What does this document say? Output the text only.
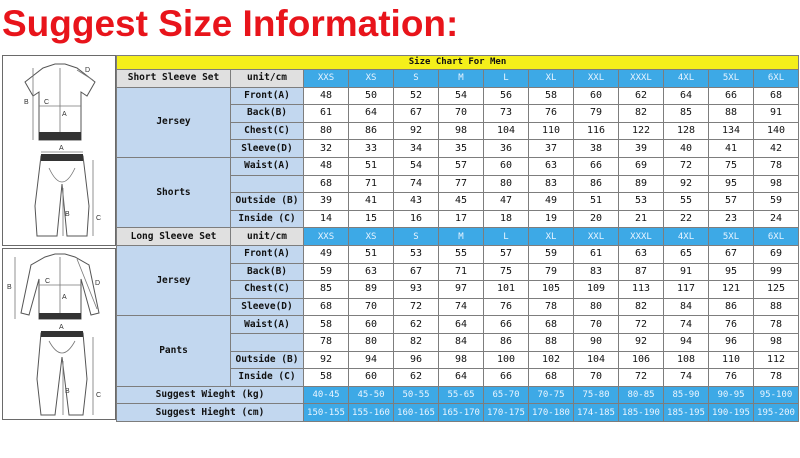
Suggest Size Information:
D
B C
A
A
B
C
D
B
C
A
A
B
C
Size Chart For Men												
Short Sleeve Set	unit/cm	XXS	XS	S	M	L	XL	XXL	XXXL	4XL	5XL	6XL
Jersey	Front(A)	48	50	52	54	56	58	60	62	64	66	68
	Back(B)	61	64	67	70	73	76	79	82	85	88	91
	Chest(C)	80	86	92	98	104	110	116	122	128	134	140
	Sleeve(D)	32	33	34	35	36	37	38	39	40	41	42
Shorts	Waist(A)	48	51	54	57	60	63	66	69	72	75	78
		68	71	74	77	80	83	86	89	92	95	98
	Outside (B)	39	41	43	45	47	49	51	53	55	57	59
	Inside (C)	14	15	16	17	18	19	20	21	22	23	24
Long Sleeve Set	unit/cm	XXS	XS	S	M	L	XL	XXL	XXXL	4XL	5XL	6XL
Jersey	Front(A)	49	51	53	55	57	59	61	63	65	67	69
	Back(B)	59	63	67	71	75	79	83	87	91	95	99
	Chest(C)	85	89	93	97	101	105	109	113	117	121	125
	Sleeve(D)	68	70	72	74	76	78	80	82	84	86	88
Pants	Waist(A)	58	60	62	64	66	68	70	72	74	76	78
		78	80	82	84	86	88	90	92	94	96	98
	Outside (B)	92	94	96	98	100	102	104	106	108	110	112
	Inside (C)	58	60	62	64	66	68	70	72	74	76	78
Suggest Wieght (kg)		40-45	45-50	50-55	55-65	65-70	70-75	75-80	80-85	85-90	90-95	95-100
Suggest Hieght (cm)		150-155	155-160	160-165	165-170	170-175	170-180	174-185	185-190	185-195	190-195	195-200
